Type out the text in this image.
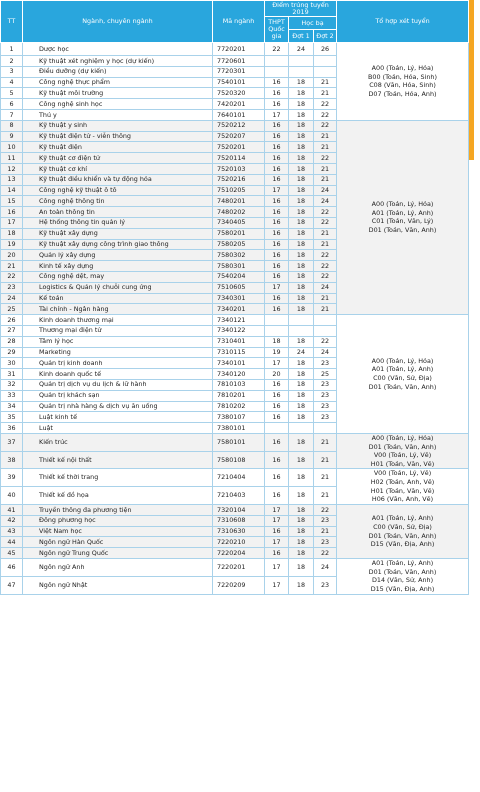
TT	Ngành, chuyên ngành	Mã ngành	Điểm trúng tuyển 2019			Tổ hợp xét tuyển
			THPT Quốc gia	Học bạ		
				Đợt 1	Đợt 2	
1	Dược học	7720201	22	24	26	A00 (Toán, Lý, Hóa)
B00 (Toán, Hóa, Sinh)
C08 (Văn, Hóa, Sinh)
D07 (Toán, Hóa, Anh)

2	Kỹ thuật xét nghiệm y học (dự kiến)	7720601				
3	Điều dưỡng (dự kiến)	7720301				
4	Công nghệ thực phẩm	7540101	16	18	21	
5	Kỹ thuật môi trường	7520320	16	18	21	
6	Công nghệ sinh học	7420201	16	18	22	
7	Thú y	7640101	17	18	22	
8	Kỹ thuật y sinh	7520212	16	18	22	A00 (Toán, Lý, Hóa)
A01 (Toán, Lý, Anh)
C01 (Toán, Văn, Lý)
D01 (Toán, Văn, Anh)

9	Kỹ thuật điện tử - viễn thông	7520207	16	18	21	
10	Kỹ thuật điện	7520201	16	18	21	
11	Kỹ thuật cơ điện tử	7520114	16	18	22	
12	Kỹ thuật cơ khí	7520103	16	18	21	
13	Kỹ thuật điều khiển và tự động hóa	7520216	16	18	21	
14	Công nghệ kỹ thuật ô tô	7510205	17	18	24	
15	Công nghệ thông tin	7480201	16	18	24	
16	An toàn thông tin	7480202	16	18	22	
17	Hệ thống thông tin quản lý	7340405	16	18	22	
18	Kỹ thuật xây dựng	7580201	16	18	21	
19	Kỹ thuật xây dựng công trình giao thông	7580205	16	18	21	
20	Quản lý xây dựng	7580302	16	18	22	
21	Kinh tế xây dựng	7580301	16	18	22	
22	Công nghệ dệt, may	7540204	16	18	22	
23	Logistics & Quản lý chuỗi cung ứng	7510605	17	18	24	
24	Kế toán	7340301	16	18	21	
25	Tài chính - Ngân hàng	7340201	16	18	21	
26	Kinh doanh thương mại	7340121				A00 (Toán, Lý, Hóa)
A01 (Toán, Lý, Anh)
C00 (Văn, Sử, Địa)
D01 (Toán, Văn, Anh)

27	Thương mại điện tử	7340122				
28	Tâm lý học	7310401	18	18	22	
29	Marketing	7310115	19	24	24	
30	Quản trị kinh doanh	7340101	17	18	23	
31	Kinh doanh quốc tế	7340120	20	18	25	
32	Quản trị dịch vụ du lịch & lữ hành	7810103	16	18	23	
33	Quản trị khách sạn	7810201	16	18	23	
34	Quản trị nhà hàng & dịch vụ ăn uống	7810202	16	18	23	
35	Luật kinh tế	7380107	16	18	23	
36	Luật	7380101				
37	Kiến trúc	7580101	16	18	21	A00 (Toán, Lý, Hóa)
D01 (Toán, Văn, Anh)
V00 (Toán, Lý, Vẽ)
H01 (Toán, Văn, Vẽ)

38	Thiết kế nội thất	7580108	16	18	21	
39	Thiết kế thời trang	7210404	16	18	21	V00 (Toán, Lý, Vẽ)
H02 (Toán, Anh, Vẽ)
H01 (Toán, Văn, Vẽ)
H06 (Văn, Anh, Vẽ)

40	Thiết kế đồ họa	7210403	16	18	21	
41	Truyền thông đa phương tiện	7320104	17	18	22	A01 (Toán, Lý, Anh)
C00 (Văn, Sử, Địa)
D01 (Toán, Văn, Anh)
D15 (Văn, Địa, Anh)

42	Đông phương học	7310608	17	18	23	
43	Việt Nam học	7310630	16	18	21	
44	Ngôn ngữ Hàn Quốc	7220210	17	18	23	
45	Ngôn ngữ Trung Quốc	7220204	16	18	22	
46	Ngôn ngữ Anh	7220201	17	18	24	A01 (Toán, Lý, Anh)
D01 (Toán, Văn, Anh)
D14 (Văn, Sử, Anh)
D15 (Văn, Địa, Anh)

47	Ngôn ngữ Nhật	7220209	17	18	23	
